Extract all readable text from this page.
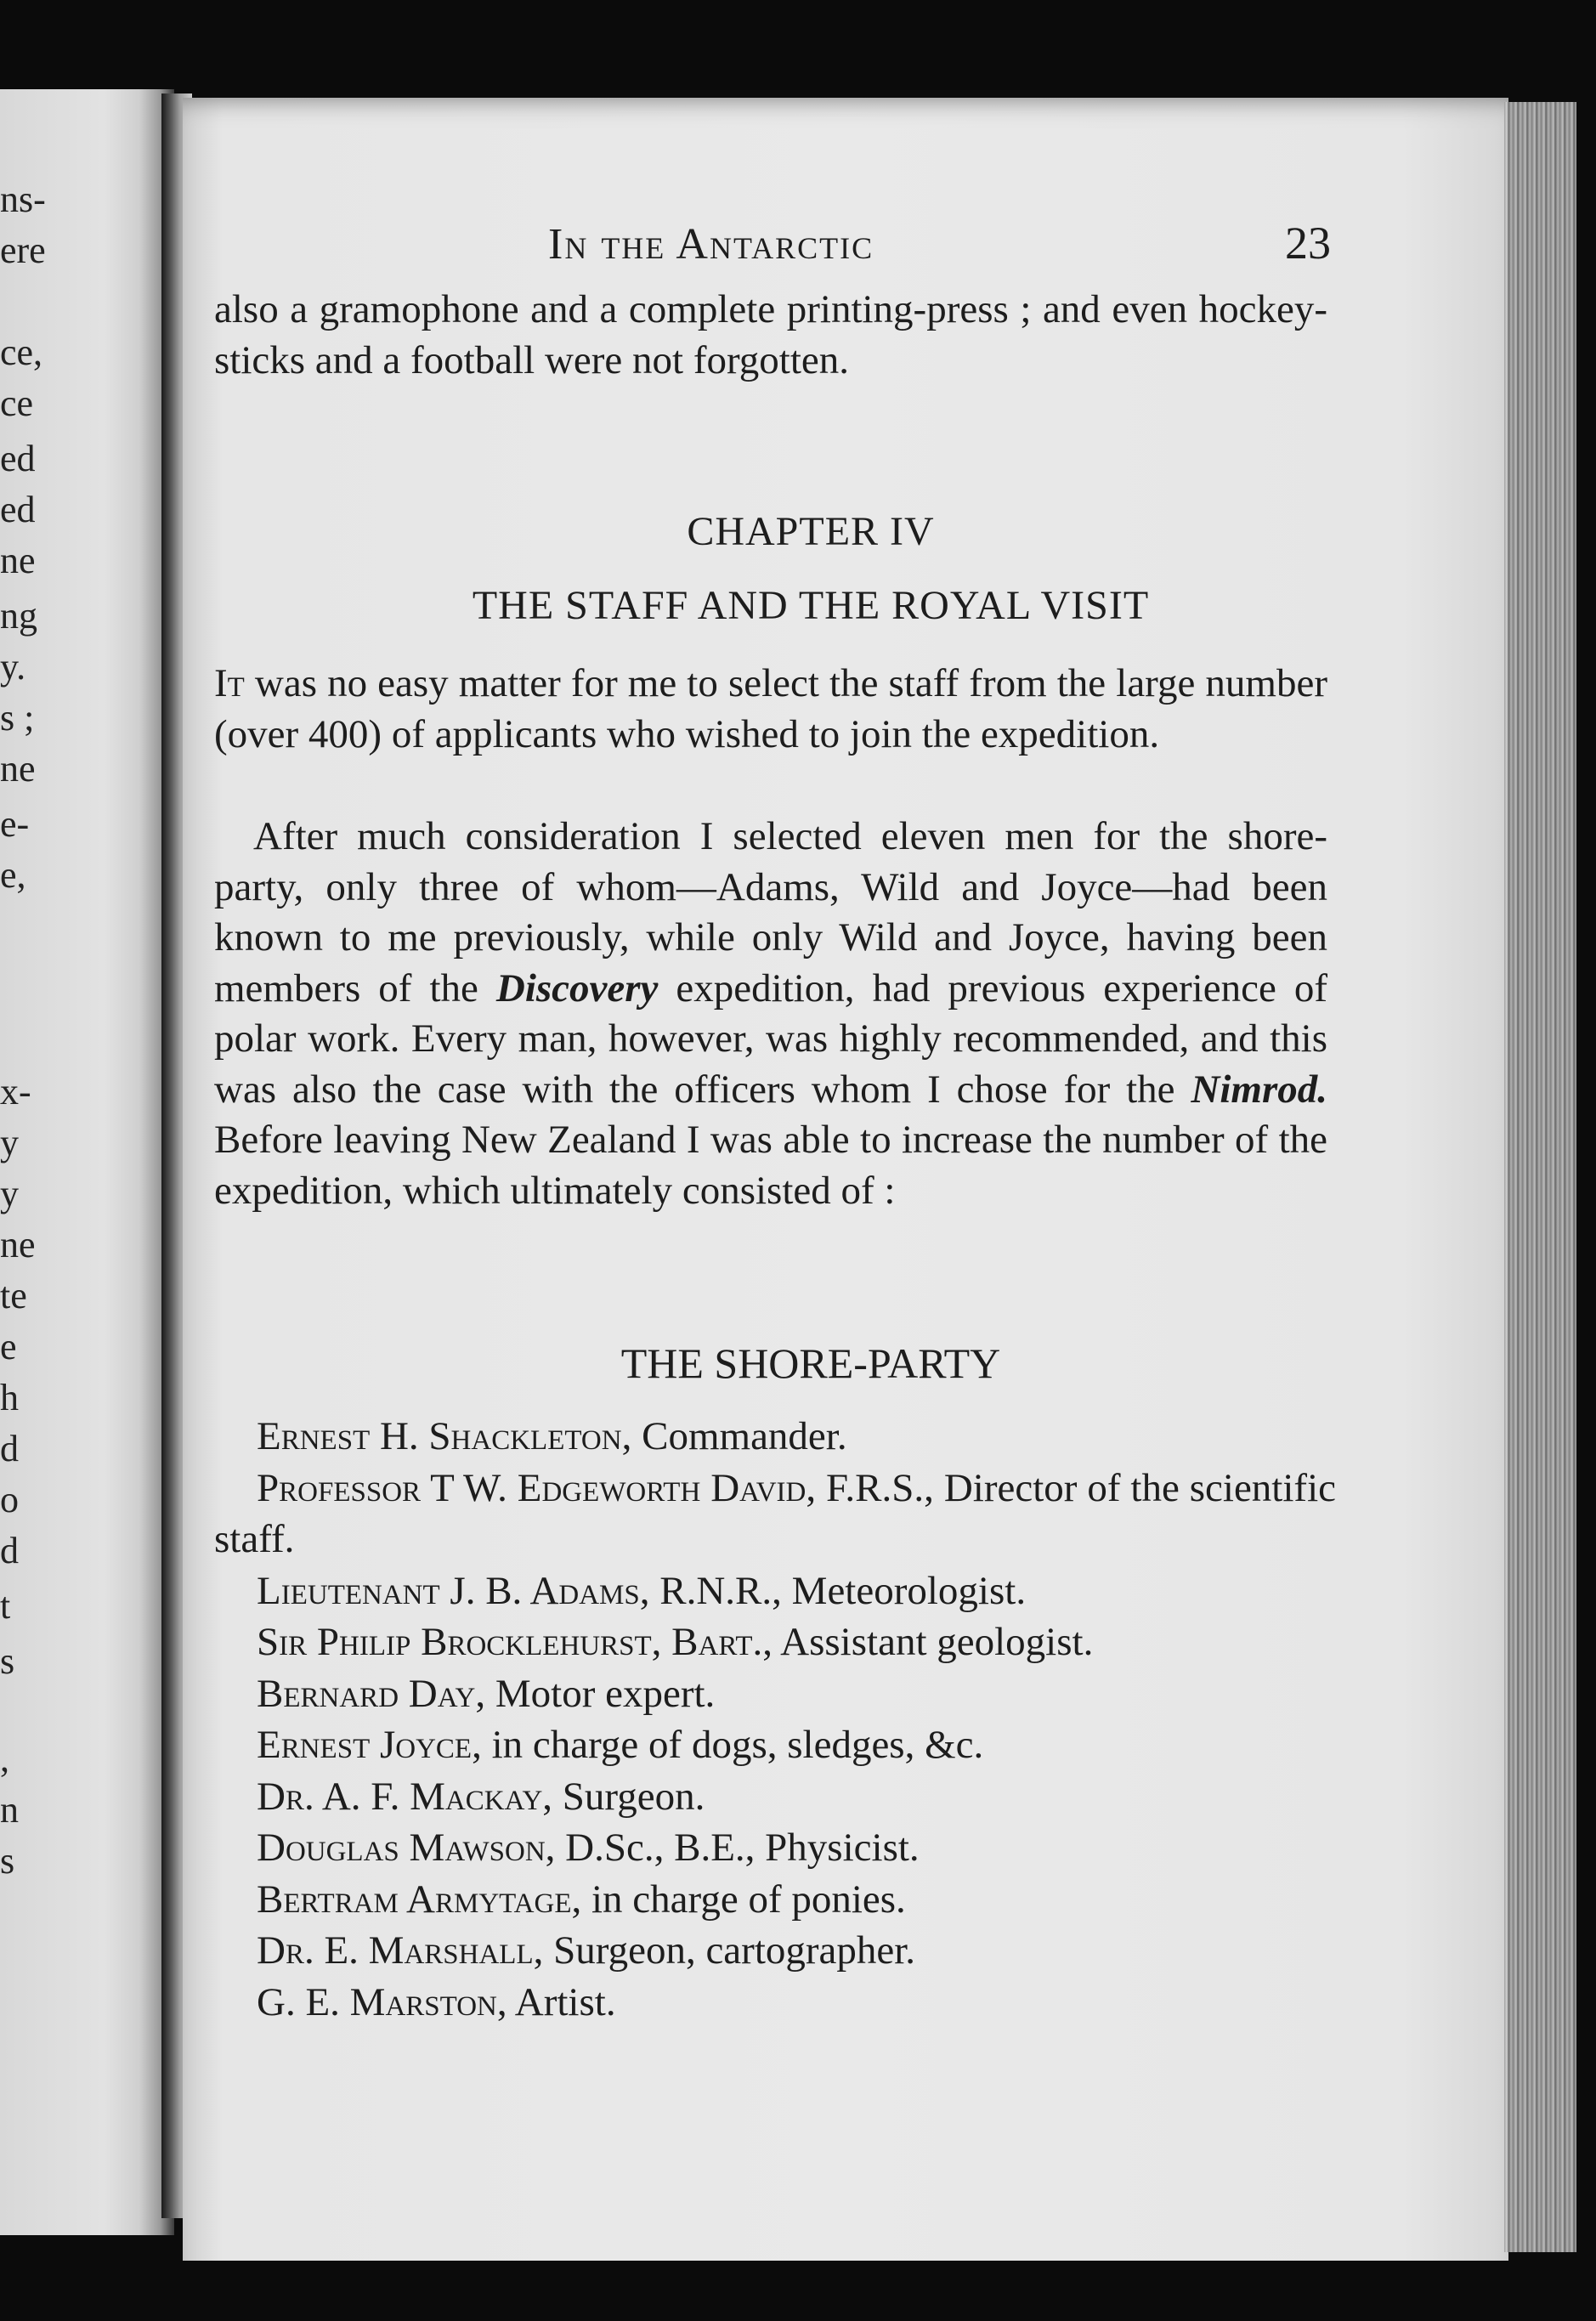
ns-
ere
ce,
ce
ed
ed
ne
ng
y.
s ;
ne
e-
e,
x-
y
y
ne
te
e
h
d
o
d
t
s
,
n
s
In the Antarctic	23
also a gramophone and a complete printing-press ; and even hockey-sticks and a football were not forgotten.
CHAPTER IV
THE STAFF AND THE ROYAL VISIT
It was no easy matter for me to select the staff from the large number (over 400) of applicants who wished to join the expedition.
After much consideration I selected eleven men for the shore-party, only three of whom—Adams, Wild and Joyce—had been known to me previously, while only Wild and Joyce, having been members of the Discovery expedition, had previous experience of polar work. Every man, however, was highly recommended, and this was also the case with the officers whom I chose for the Nimrod. Before leaving New Zealand I was able to increase the number of the expedition, which ultimately consisted of :
THE SHORE-PARTY
Ernest H. Shackleton, Commander.
Professor T W. Edgeworth David, F.R.S., Director of the scientific staff.
Lieutenant J. B. Adams, R.N.R., Meteorologist.
Sir Philip Brocklehurst, Bart., Assistant geologist.
Bernard Day, Motor expert.
Ernest Joyce, in charge of dogs, sledges, &c.
Dr. A. F. Mackay, Surgeon.
Douglas Mawson, D.Sc., B.E., Physicist.
Bertram Armytage, in charge of ponies.
Dr. E. Marshall, Surgeon, cartographer.
G. E. Marston, Artist.
